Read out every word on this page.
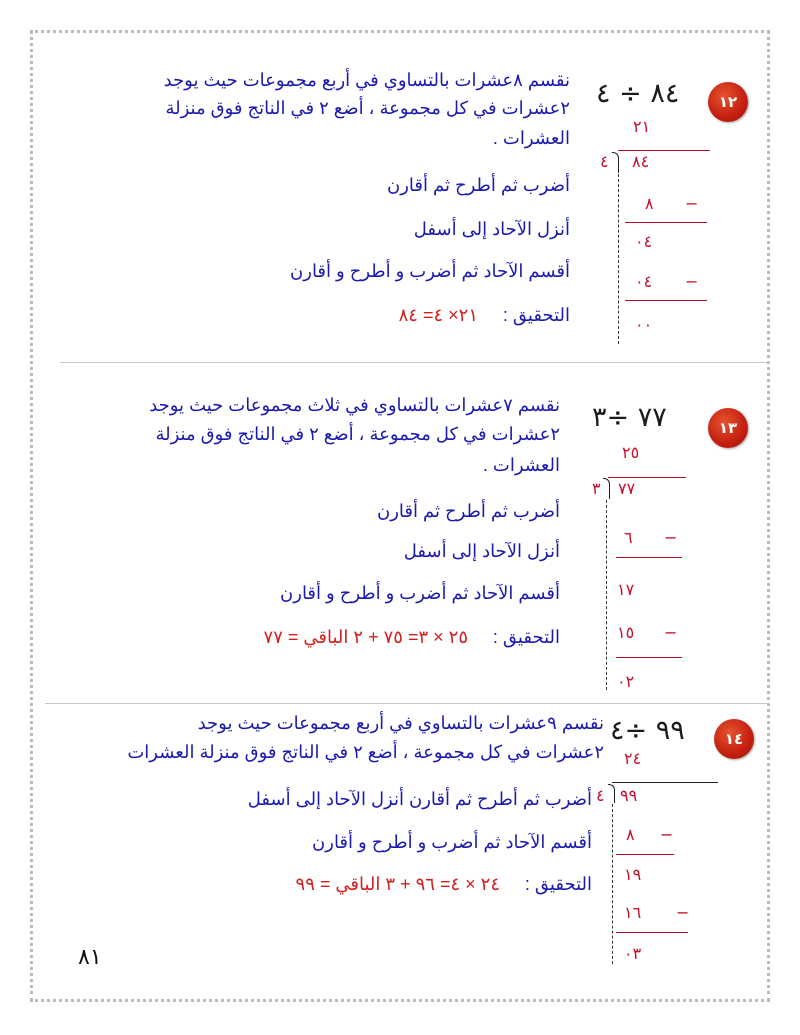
١٢
٨٤ ÷ ٤
نقسم ٨عشرات بالتساوي في أربع مجموعات حيث يوجد
٢عشرات في كل مجموعة ، أضع ٢ في الناتج فوق منزلة
العشرات .
أضرب ثم أطرح ثم أقارن
أنزل الآحاد إلى أسفل
أقسم الآحاد ثم أضرب و أطرح و أقارن
التحقيق :
٢١× ٤= ٨٤
٢١
٤ ٨٤
٨ −
٠٤
٠٤ −
٠٠
١٣
٧٧ ÷٣
نقسم ٧عشرات بالتساوي في ثلاث مجموعات حيث يوجد
٢عشرات في كل مجموعة ، أضع ٢ في الناتج فوق منزلة
العشرات .
أضرب ثم أطرح ثم أقارن
أنزل الآحاد إلى أسفل
أقسم الآحاد ثم أضرب و أطرح و أقارن
التحقيق :
٢٥ × ٣= ٧٥ + ٢ الباقي = ٧٧
٢٥
٣ ٧٧
٦ −
١٧
١٥ −
٠٢
١٤
٩٩ ÷٤
نقسم ٩عشرات بالتساوي في أربع مجموعات حيث يوجد
٢عشرات في كل مجموعة ، أضع ٢ في الناتج فوق منزلة العشرات
أضرب ثم أطرح ثم أقارن أنزل الآحاد إلى أسفل
أقسم الآحاد ثم أضرب و أطرح و أقارن
التحقيق :
٢٤ × ٤= ٩٦ + ٣ الباقي = ٩٩
٢٤
٤ ٩٩
٨ −
١٩
١٦ −
٠٣
٨١
